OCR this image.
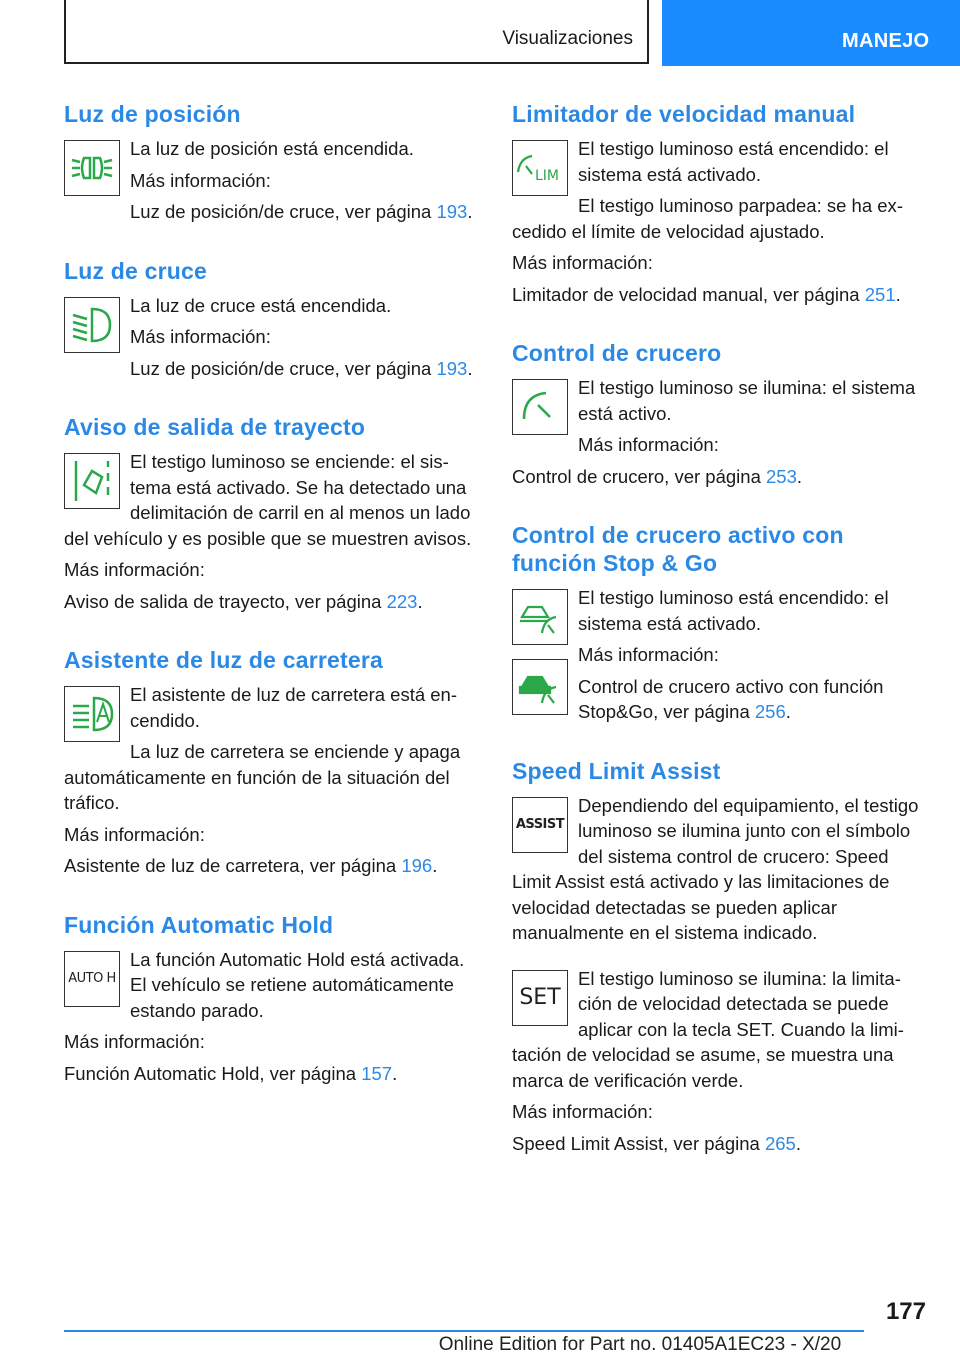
Visualizaciones	MANEJO
Luz de posición

La luz de posición está encendida.

Más información:

Luz de posición/de cruce, ver página 193.

Luz de cruce

La luz de cruce está encendida.

Más información:

Luz de posición/de cruce, ver página 193.

Aviso de salida de trayecto

El testigo luminoso se enciende: el sistema está activado. Se ha detectado una delimitación de carril en al menos un lado del vehículo y es posible que se muestren avisos.

Más información:

Aviso de salida de trayecto, ver página 223.

Asistente de luz de carretera

El asistente de luz de carretera está encendido.

La luz de carretera se enciende y apaga automáticamente en función de la situación del tráfico.

Más información:

Asistente de luz de carretera, ver página 196.

Función Automatic Hold
AUTO H

La función Automatic Hold está activada. El vehículo se retiene automáticamente estando parado.

Más información:

Función Automatic Hold, ver página 157.

Limitador de velocidad manual
LIM

El testigo luminoso está encendido: el sistema está activado.

El testigo luminoso parpadea: se ha excedido el límite de velocidad ajustado.

Más información:

Limitador de velocidad manual, ver página 251.

Control de crucero

El testigo luminoso se ilumina: el sistema está activo.

Más información:

Control de crucero, ver página 253.

Control de crucero activo con función Stop & Go

El testigo luminoso está encendido: el sistema está activado.

Más información:

Control de crucero activo con función Stop&Go, ver página 256.

Speed Limit Assist
ASSIST

Dependiendo del equipamiento, el testigo luminoso se ilumina junto con el símbolo del sistema control de crucero: Speed Limit Assist está activado y las limitaciones de velocidad detectadas se pueden aplicar manualmente en el sistema indicado.

SET

El testigo luminoso se ilumina: la limitación de velocidad detectada se puede aplicar con la tecla SET. Cuando la limitación de velocidad se asume, se muestra una marca de verificación verde.

Más información:

Speed Limit Assist, ver página 265.

177
Online Edition for Part no. 01405A1EC23 - X/20
